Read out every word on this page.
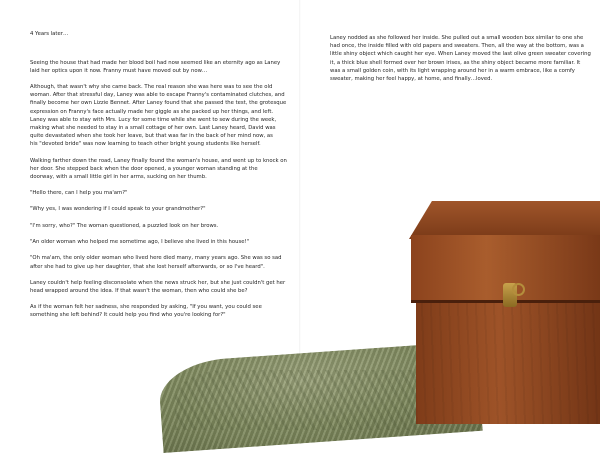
4 Years later…

Seeing the house that had made her blood boil had now seemed like an eternity ago as Laney laid her optics upon it now. Franny must have moved out by now…

Although, that wasn't why she came back. The real reason she was here was to see the old woman. After that stressful day, Laney was able to escape Franny's contaminated clutches, and finally become her own Lizzie Bennet. After Laney found that she passed the test, the grotesque expression on Franny's face actually made her giggle as she packed up her things, and left. Laney was able to stay with Mrs. Lucy for some time while she went to sew during the week, making what she needed to stay in a small cottage of her own. Last Laney heard, David was quite devastated when she took her leave, but that was far in the back of her mind now, as
his "devoted bride" was now learning to teach other bright young students like herself.

Walking farther down the road, Laney finally found the woman's house, and went up to knock on her door. She stepped back when the door opened, a younger woman standing at the
doorway, with a small little girl in her arms, sucking on her thumb.

"Hello there, can I help you ma'am?"

"Why yes, I was wondering if I could speak to your grandmother?"

"I'm sorry, who?" The woman questioned, a puzzled look on her brows.

"An older woman who helped me sometime ago, I believe she lived in this house!"

"Oh ma'am, the only older woman who lived here died many, many years ago. She was so sad after she had to give up her daughter, that she lost herself afterwards, or so I've heard".

Laney couldn't help feeling disconsolate when the news struck her, but she just couldn't get her head wrapped around the idea. If that wasn't the woman, then who could she be?

As if the woman felt her sadness, she responded by asking, "If you want, you could see something she left behind? It could help you find who you're looking for?"

Laney nodded as she followed her inside. She pulled out a small wooden box similar to one she had once, the inside filled with old papers and sweaters. Then, all the way at the bottom, was a little shiny object which caught her eye. When Laney moved the last olive green sweater covering it, a thick blue shell formed over her brown irises, as the shiny object became more familiar. It was a small golden coin, with its light wrapping around her in a warm embrace, like a comfy sweater, making her feel happy, at home, and finally…loved.
